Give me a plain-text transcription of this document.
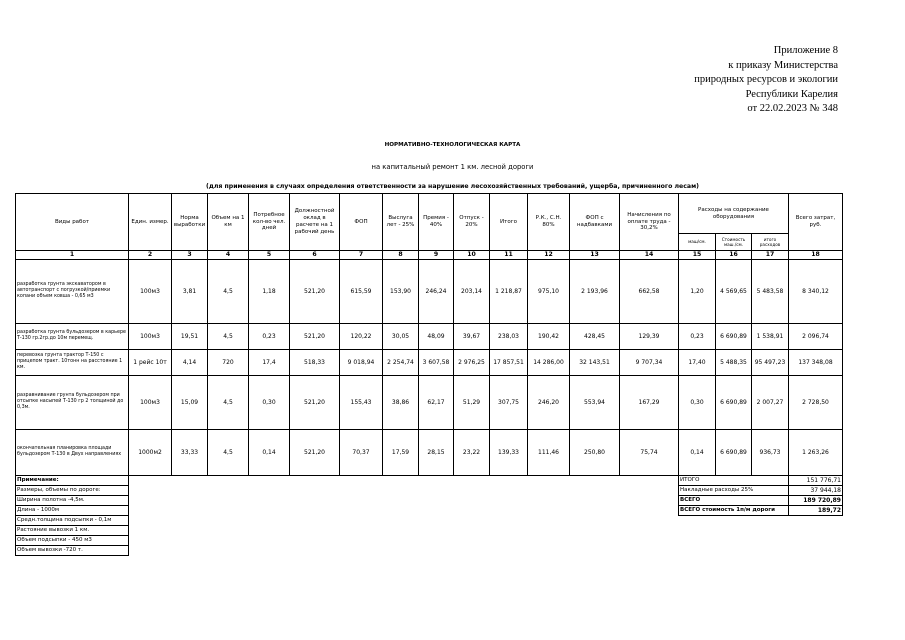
Приложение 8
к приказу Министерства
природных ресурсов и экологии
Республики Карелия
от 22.02.2023 № 348
НОРМАТИВНО-ТЕХНОЛОГИЧЕСКАЯ КАРТА
на капитальный ремонт 1 км. лесной дороги
(для применения в случаях определения ответственности за нарушение лесохозяйственных требований, ущерба, причиненного лесам)
Виды работ	Един. измер.	Норма выработки	Объем на 1 км	Потребное кол-во чел. дней	Должностной оклад в расчете на 1 рабочий день	ФОП	Выслуга лет - 25%	Премия - 40%	Отпуск - 20%	Итого	Р.К., С.Н. 80%	ФОП с надбавками	Начисления по оплате труда - 30,2%	Расходы на содержание оборудования			Всего затрат, руб.
														маш/см.	Стоимость маш./см.	итого расходов	
1	2	3	4	5	6	7	8	9	10	11	12	13	14	15	16	17	18
разработка грунта экскаватором в автотранспорт с погрузкой/приемки копани объем ковша - 0,65 м3	100м3	3,81	4,5	1,18	521,20	615,59	153,90	246,24	203,14	1 218,87	975,10	2 193,96	662,58	1,20	4 569,65	5 483,58	8 340,12
разработка грунта бульдозером в карьере Т-130 гр.2гр.до 10м перемещ.	100м3	19,51	4,5	0,23	521,20	120,22	30,05	48,09	39,67	238,03	190,42	428,45	129,39	0,23	6 690,89	1 538,91	2 096,74
перевозка грунта трактор Т-150 с прицепом тракт. 10тонн на расстояние 1 км.	1 рейс 10т	4,14	720	17,4	518,33	9 018,94	2 254,74	3 607,58	2 976,25	17 857,51	14 286,00	32 143,51	9 707,34	17,40	5 488,35	95 497,23	137 348,08
разравнивание грунта бульдозером при отсыпке насыпей Т-130 гр 2 толщиной до 0,3м.	100м3	15,09	4,5	0,30	521,20	155,43	38,86	62,17	51,29	307,75	246,20	553,94	167,29	0,30	6 690,89	2 007,27	2 728,50
окончательная планировка площади бульдозером Т-130 в Двух направлениях	1000м2	33,33	4,5	0,14	521,20	70,37	17,59	28,15	23,22	139,33	111,46	250,80	75,74	0,14	6 690,89	936,73	1 263,26
Примечание:														ИТОГО			151 776,71
Размеры, объемы по дороге:														Накладные расходы 25%			37 944,18
Ширина полотна -4,5м.														ВСЕГО			189 720,89
Длина - 1000м														ВСЕГО стоимость 1п/м дороги			189,72
Средн.толщина подсыпки - 0,1м																	
Растояние вывозки 1 км.																	
Объем подсыпки - 450 м3																	
Объем вывозки -720 т.																	
